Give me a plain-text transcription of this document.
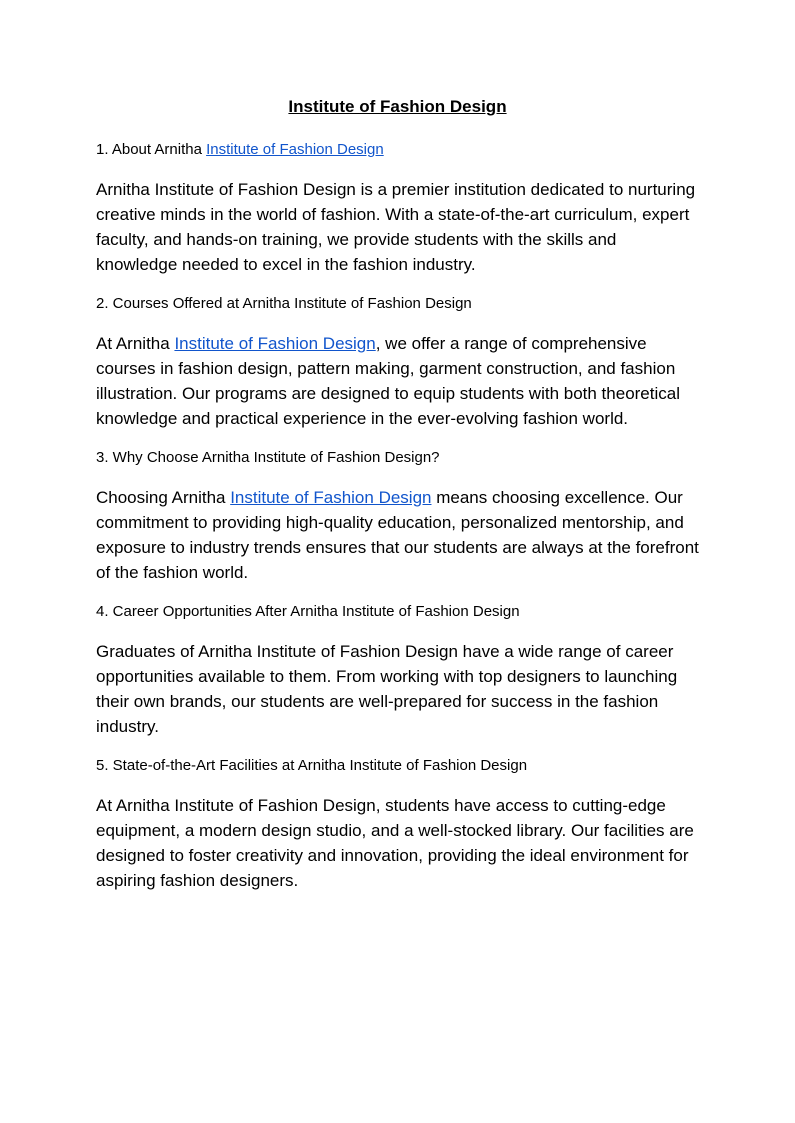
Institute of Fashion Design

1. About Arnitha Institute of Fashion Design

Arnitha Institute of Fashion Design is a premier institution dedicated to nurturing creative minds in the world of fashion. With a state-of-the-art curriculum, expert faculty, and hands-on training, we provide students with the skills and knowledge needed to excel in the fashion industry.

2. Courses Offered at Arnitha Institute of Fashion Design

At Arnitha Institute of Fashion Design, we offer a range of comprehensive courses in fashion design, pattern making, garment construction, and fashion illustration. Our programs are designed to equip students with both theoretical knowledge and practical experience in the ever-evolving fashion world.

3. Why Choose Arnitha Institute of Fashion Design?

Choosing Arnitha Institute of Fashion Design means choosing excellence. Our commitment to providing high-quality education, personalized mentorship, and exposure to industry trends ensures that our students are always at the forefront of the fashion world.

4. Career Opportunities After Arnitha Institute of Fashion Design

Graduates of Arnitha Institute of Fashion Design have a wide range of career opportunities available to them. From working with top designers to launching their own brands, our students are well-prepared for success in the fashion industry.

5. State-of-the-Art Facilities at Arnitha Institute of Fashion Design

At Arnitha Institute of Fashion Design, students have access to cutting-edge equipment, a modern design studio, and a well-stocked library. Our facilities are designed to foster creativity and innovation, providing the ideal environment for aspiring fashion designers.
